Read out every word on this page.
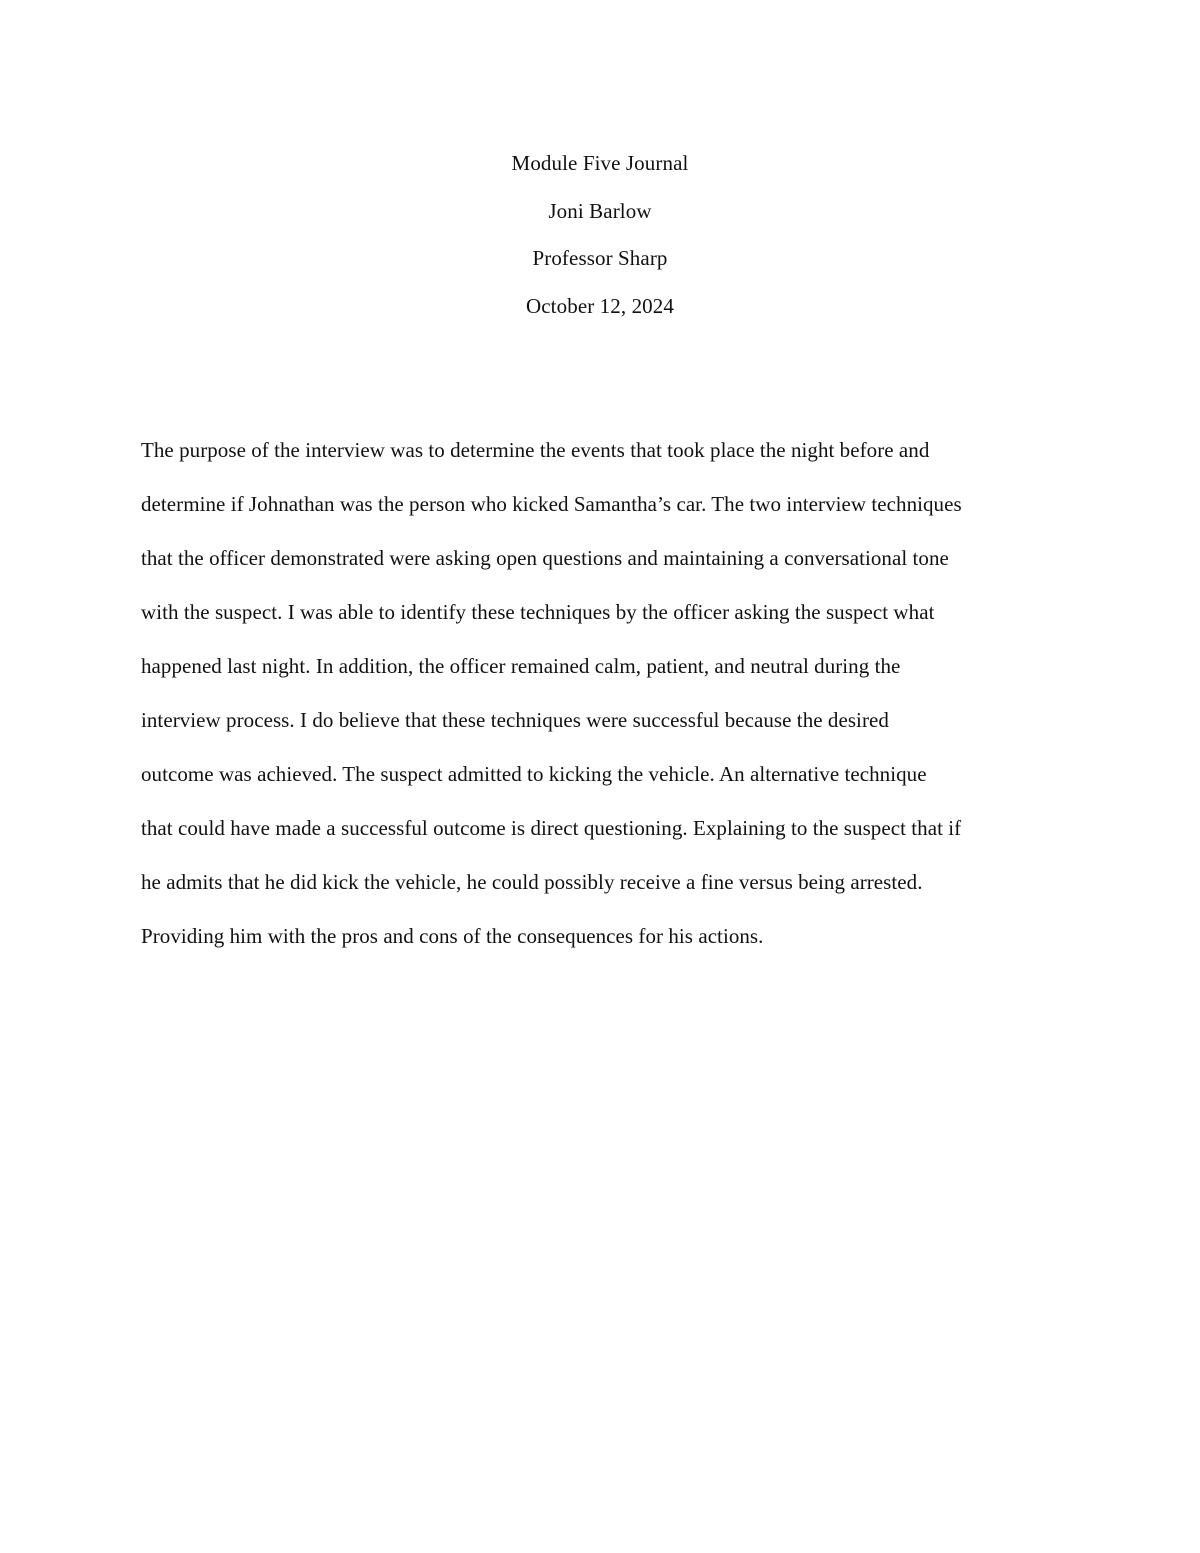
Module Five Journal

Joni Barlow

Professor Sharp

October 12, 2024

The purpose of the interview was to determine the events that took place the night before and

determine if Johnathan was the person who kicked Samantha’s car. The two interview techniques

that the officer demonstrated were asking open questions and maintaining a conversational tone

with the suspect. I was able to identify these techniques by the officer asking the suspect what

happened last night. In addition, the officer remained calm, patient, and neutral during the

interview process. I do believe that these techniques were successful because the desired

outcome was achieved. The suspect admitted to kicking the vehicle. An alternative technique

that could have made a successful outcome is direct questioning. Explaining to the suspect that if

he admits that he did kick the vehicle, he could possibly receive a fine versus being arrested.

Providing him with the pros and cons of the consequences for his actions.
